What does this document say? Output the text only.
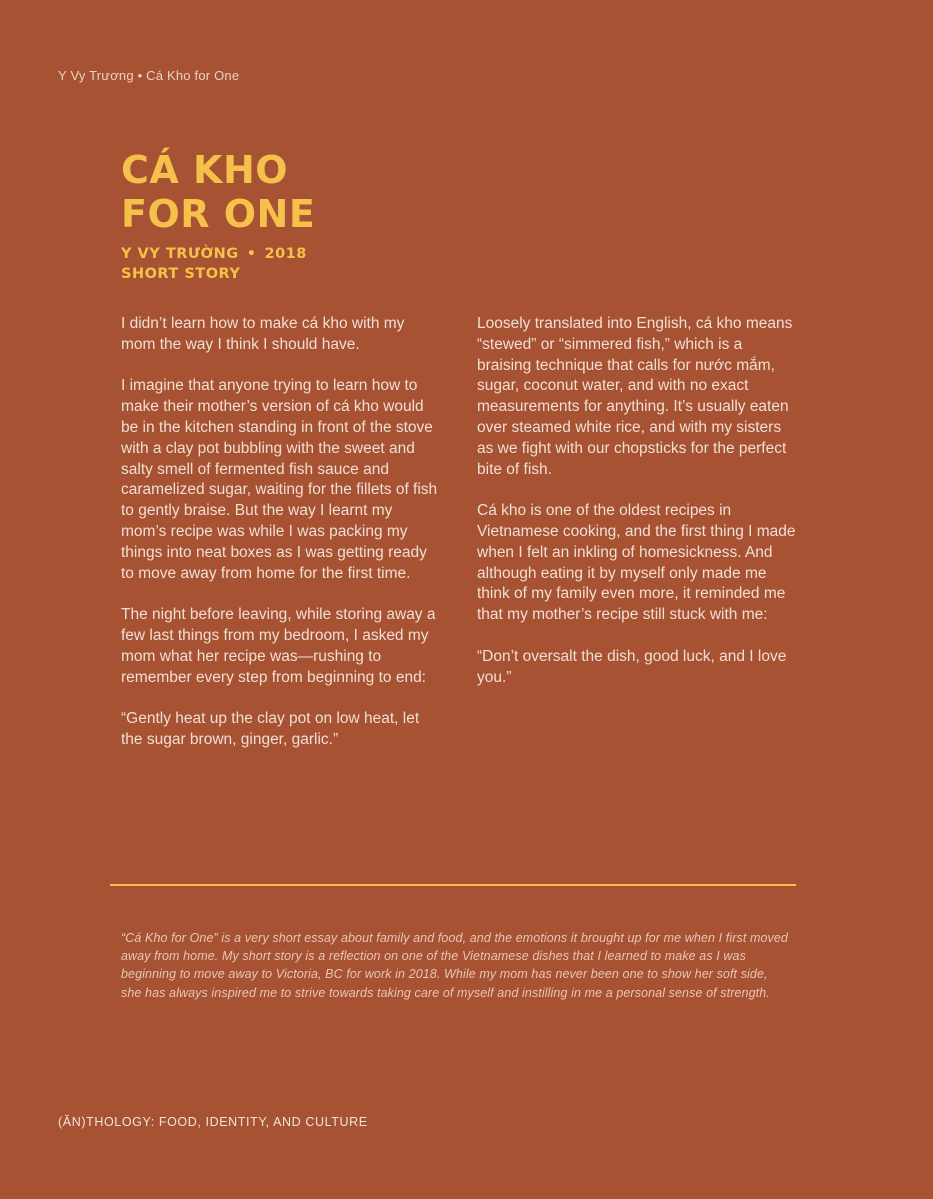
Y Vy Trương • Cá Kho for One
CÁ KHO
FOR ONE
Y VY TRƯỜNG • 2018
SHORT STORY

I didn’t learn how to make cá kho with my mom the way I think I should have.

I imagine that anyone trying to learn how to make their mother’s version of cá kho would be in the kitchen standing in front of the stove with a clay pot bubbling with the sweet and salty smell of fermented fish sauce and caramelized sugar, waiting for the fillets of fish to gently braise. But the way I learnt my mom’s recipe was while I was packing my things into neat boxes as I was getting ready to move away from home for the first time.

The night before leaving, while storing away a few last things from my bedroom, I asked my mom what her recipe was—rushing to remember every step from beginning to end:

“Gently heat up the clay pot on low heat, let the sugar brown, ginger, garlic.”

Loosely translated into English, cá kho means “stewed” or “simmered fish,” which is a braising technique that calls for nước mắm, sugar, coconut water, and with no exact measurements for anything. It’s usually eaten over steamed white rice, and with my sisters as we fight with our chopsticks for the perfect bite of fish.

Cá kho is one of the oldest recipes in Vietnamese cooking, and the first thing I made when I felt an inkling of homesickness. And although eating it by myself only made me think of my family even more, it reminded me that my mother’s recipe still stuck with me:

“Don’t oversalt the dish, good luck, and I love you.”

“Cá Kho for One” is a very short essay about family and food, and the emotions it brought up for me when I first moved away from home. My short story is a reflection on one of the Vietnamese dishes that I learned to make as I was beginning to move away to Victoria, BC for work in 2018. While my mom has never been one to show her soft side, she has always inspired me to strive towards taking care of myself and instilling in me a personal sense of strength.
(ĂN)THOLOGY: FOOD, IDENTITY, AND CULTURE
